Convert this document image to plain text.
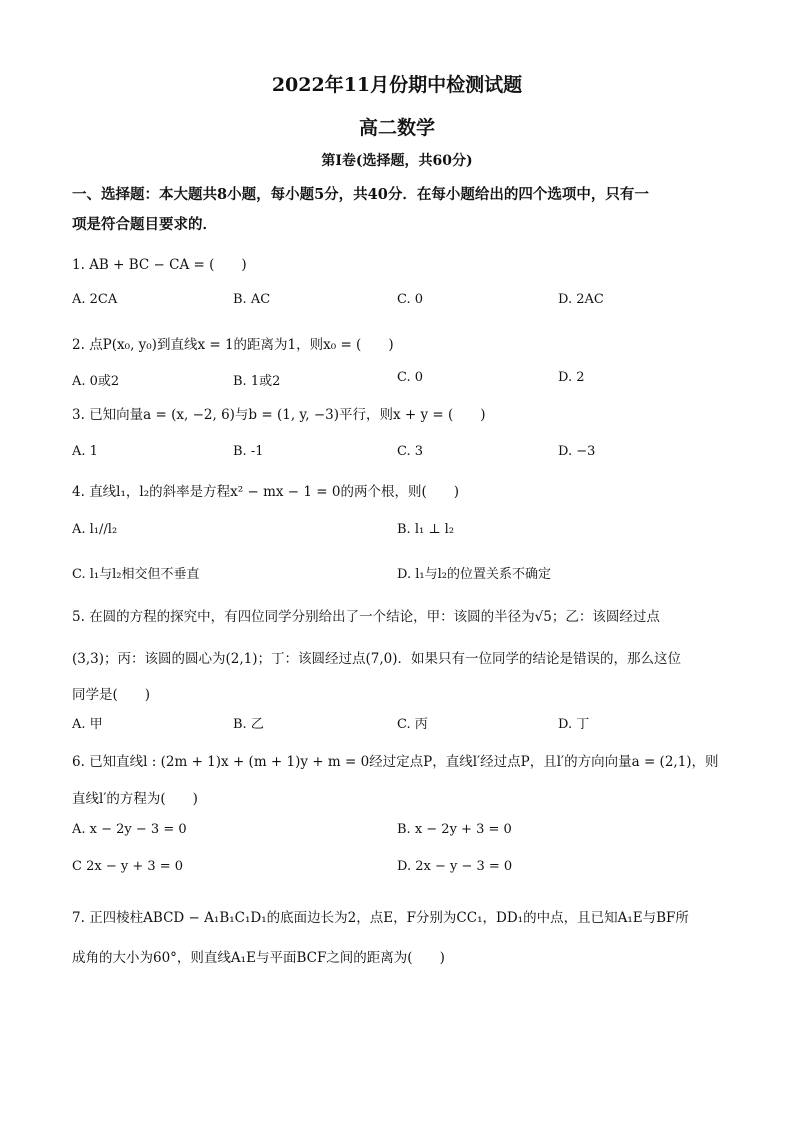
2022年11月份期中检测试题
高二数学
第I卷(选择题，共60分)
一、选择题：本大题共8小题，每小题5分，共40分．在每小题给出的四个选项中，只有一
项是符合题目要求的．
1. AB + BC − CA = (　　)
A. 2CA	B. AC	C. 0	D. 2AC
2. 点P(x₀, y₀)到直线x = 1的距离为1，则x₀ = (　　)
A. 0或2	B. 1或2	C. 0	D. 2
3. 已知向量a = (x, −2, 6)与b = (1, y, −3)平行，则x + y = (　　)
A. 1	B. -1	C. 3	D. −3
4. 直线l₁，l₂的斜率是方程x² − mx − 1 = 0的两个根，则(　　)
A. l₁//l₂	B. l₁ ⊥ l₂
C. l₁与l₂相交但不垂直	D. l₁与l₂的位置关系不确定
5. 在圆的方程的探究中，有四位同学分别给出了一个结论，甲：该圆的半径为√5；乙：该圆经过点
(3,3)；丙：该圆的圆心为(2,1)；丁：该圆经过点(7,0)．如果只有一位同学的结论是错误的，那么这位
同学是(　　)
A. 甲	B. 乙	C. 丙	D. 丁
6. 已知直线l : (2m + 1)x + (m + 1)y + m = 0经过定点P，直线l′经过点P，且l′的方向向量a = (2,1)，则
直线l′的方程为(　　)
A. x − 2y − 3 = 0	B. x − 2y + 3 = 0
C 2x − y + 3 = 0	D. 2x − y − 3 = 0
7. 正四棱柱ABCD − A₁B₁C₁D₁的底面边长为2，点E，F分别为CC₁，DD₁的中点，且已知A₁E与BF所
成角的大小为60°，则直线A₁E与平面BCF之间的距离为(　　)
